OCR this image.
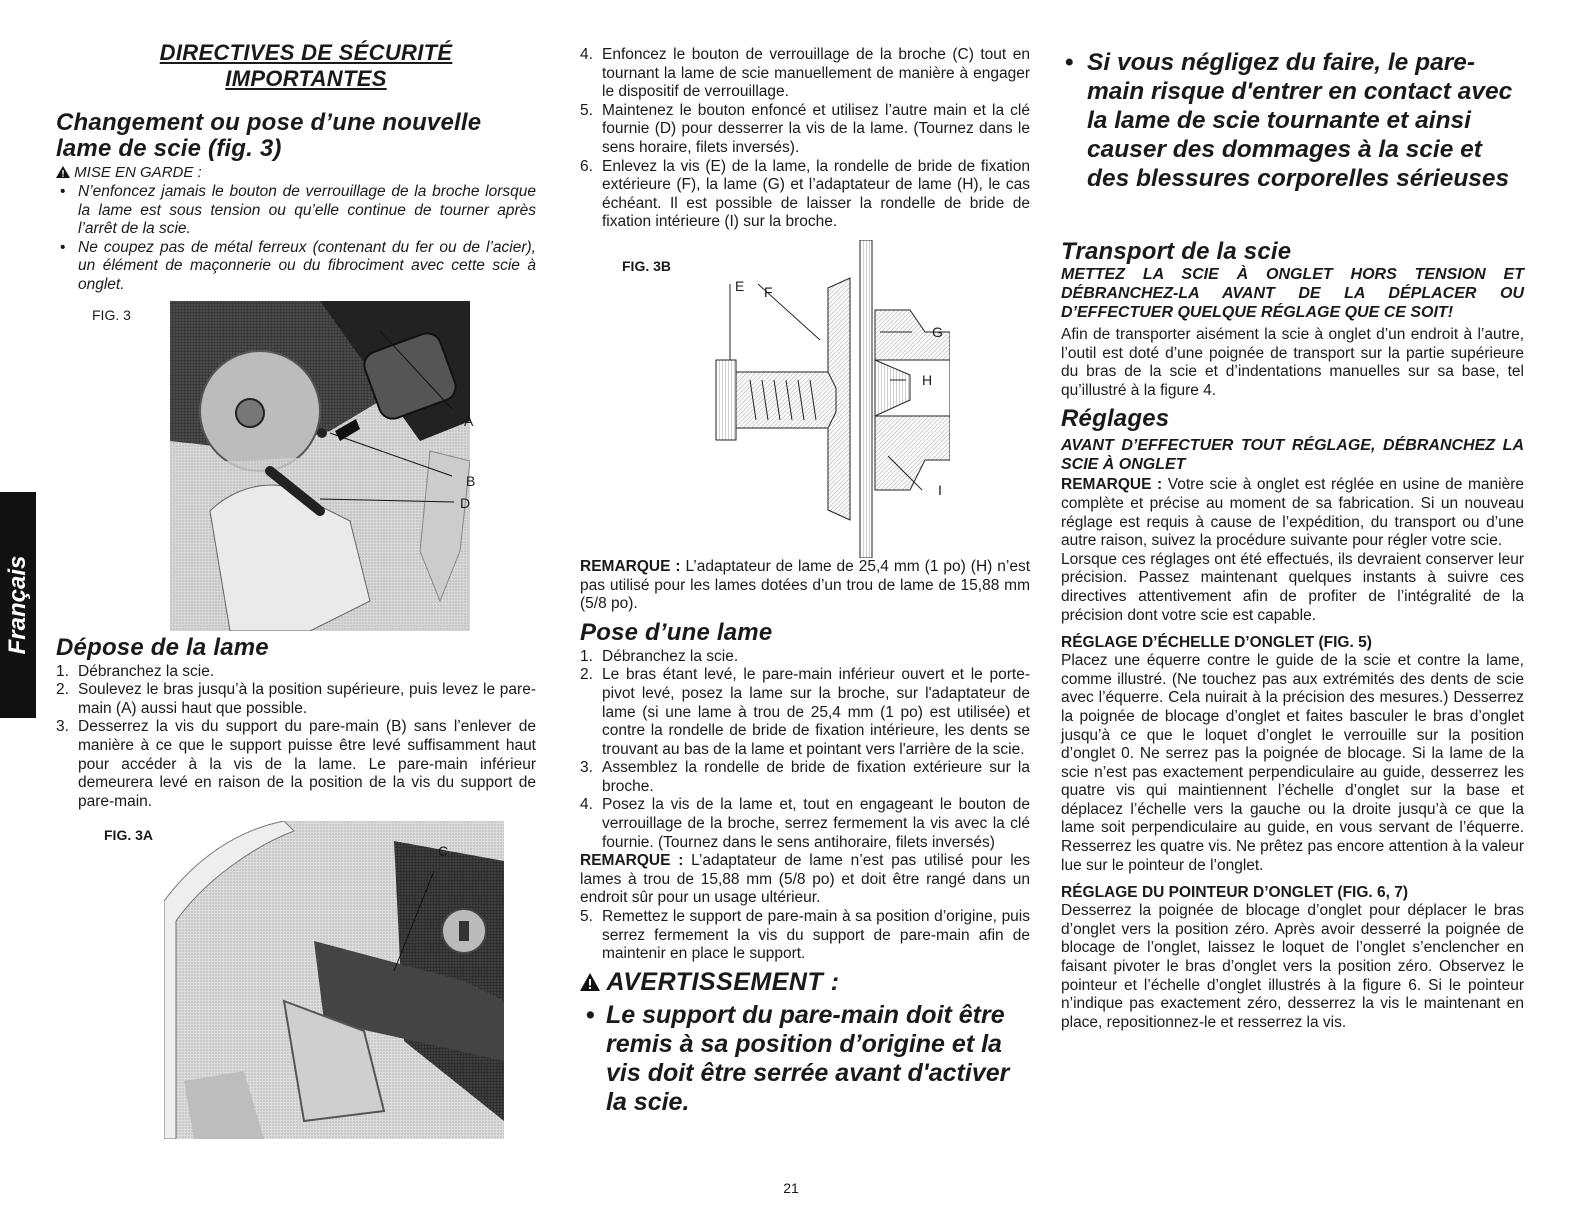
Français
DIRECTIVES DE SÉCURITÉ
IMPORTANTES
Changement ou pose d’une nouvelle lame de scie (fig. 3)
MISE EN GARDE :
• N’enfoncez jamais le bouton de verrouillage de la broche lorsque la lame est sous tension ou qu’elle continue de tourner après l’arrêt de la scie.
• Ne coupez pas de métal ferreux (contenant du fer ou de l’acier), un élément de maçonnerie ou du fibrociment avec cette scie à onglet.
FIG. 3
A
B
D
Dépose de la lame
1. Débranchez la scie.
2. Soulevez le bras jusqu’à la position supérieure, puis levez le pare-main (A) aussi haut que possible.
3. Desserrez la vis du support du pare-main (B) sans l’enlever de manière à ce que le support puisse être levé suffisamment haut pour accéder à la vis de la lame. Le pare-main inférieur demeurera levé en raison de la position de la vis du support de pare-main.
FIG. 3A
C
4. Enfoncez le bouton de verrouillage de la broche (C) tout en tournant la lame de scie manuellement de manière à engager le dispositif de verrouillage.
5. Maintenez le bouton enfoncé et utilisez l’autre main et la clé fournie (D) pour desserrer la vis de la lame. (Tournez dans le sens horaire, filets inversés).
6. Enlevez la vis (E) de la lame, la rondelle de bride de fixation extérieure (F), la lame (G) et l’adaptateur de lame (H), le cas échéant. Il est possible de laisser la rondelle de bride de fixation intérieure (I) sur la broche.
FIG. 3B
E F
G
H
I

REMARQUE : L’adaptateur de lame de 25,4 mm (1 po) (H) n’est pas utilisé pour les lames dotées d’un trou de lame de 15,88 mm (5/8 po).

Pose d’une lame
1. Débranchez la scie.
2. Le bras étant levé, le pare-main inférieur ouvert et le porte-pivot levé, posez la lame sur la broche, sur l'adaptateur de lame (si une lame à trou de 25,4 mm (1 po) est utilisée) et contre la rondelle de bride de fixation intérieure, les dents se trouvant au bas de la lame et pointant vers l'arrière de la scie.
3. Assemblez la rondelle de bride de fixation extérieure sur la broche.
4. Posez la vis de la lame et, tout en engageant le bouton de verrouillage de la broche, serrez fermement la vis avec la clé fournie. (Tournez dans le sens antihoraire, filets inversés)

REMARQUE : L’adaptateur de lame n’est pas utilisé pour les lames à trou de 15,88 mm (5/8 po) et doit être rangé dans un endroit sûr pour un usage ultérieur.

5. Remettez le support de pare-main à sa position d’origine, puis serrez fermement la vis du support de pare-main afin de maintenir en place le support.
AVERTISSEMENT :
• Le support du pare-main doit être remis à sa position d’origine et la vis doit être serrée avant d'activer la scie.
• Si vous négligez du faire, le pare-main risque d'entrer en contact avec la lame de scie tournante et ainsi causer des dommages à la scie et des blessures corporelles sérieuses
Transport de la scie
METTEZ LA SCIE À ONGLET HORS TENSION ET DÉBRANCHEZ-LA AVANT DE LA DÉPLACER OU D’EFFECTUER QUELQUE RÉGLAGE QUE CE SOIT!

Afin de transporter aisément la scie à onglet d’un endroit à l’autre, l’outil est doté d’une poignée de transport sur la partie supérieure du bras de la scie et d’indentations manuelles sur sa base, tel qu’illustré à la figure 4.

Réglages
AVANT D’EFFECTUER TOUT RÉGLAGE, DÉBRANCHEZ LA SCIE À ONGLET

REMARQUE : Votre scie à onglet est réglée en usine de manière complète et précise au moment de sa fabrication. Si un nouveau réglage est requis à cause de l’expédition, du transport ou d’une autre raison, suivez la procédure suivante pour régler votre scie.

Lorsque ces réglages ont été effectués, ils devraient conserver leur précision. Passez maintenant quelques instants à suivre ces directives attentivement afin de profiter de l’intégralité de la précision dont votre scie est capable.

RÉGLAGE D’ÉCHELLE D’ONGLET (FIG. 5)

Placez une équerre contre le guide de la scie et contre la lame, comme illustré. (Ne touchez pas aux extrémités des dents de scie avec l’équerre. Cela nuirait à la précision des mesures.) Desserrez la poignée de blocage d’onglet et faites basculer le bras d’onglet jusqu’à ce que le loquet d’onglet le verrouille sur la position d’onglet 0. Ne serrez pas la poignée de blocage. Si la lame de la scie n’est pas exactement perpendiculaire au guide, desserrez les quatre vis qui maintiennent l’échelle d’onglet sur la base et déplacez l’échelle vers la gauche ou la droite jusqu’à ce que la lame soit perpendiculaire au guide, en vous servant de l’équerre. Resserrez les quatre vis. Ne prêtez pas encore attention à la valeur lue sur le pointeur de l’onglet.

RÉGLAGE DU POINTEUR D’ONGLET (FIG. 6, 7)

Desserrez la poignée de blocage d’onglet pour déplacer le bras d’onglet vers la position zéro. Après avoir desserré la poignée de blocage de l’onglet, laissez le loquet de l’onglet s’enclencher en faisant pivoter le bras d’onglet vers la position zéro. Observez le pointeur et l’échelle d’onglet illustrés à la figure 6. Si le pointeur n’indique pas exactement zéro, desserrez la vis le maintenant en place, repositionnez-le et resserrez la vis.

21
